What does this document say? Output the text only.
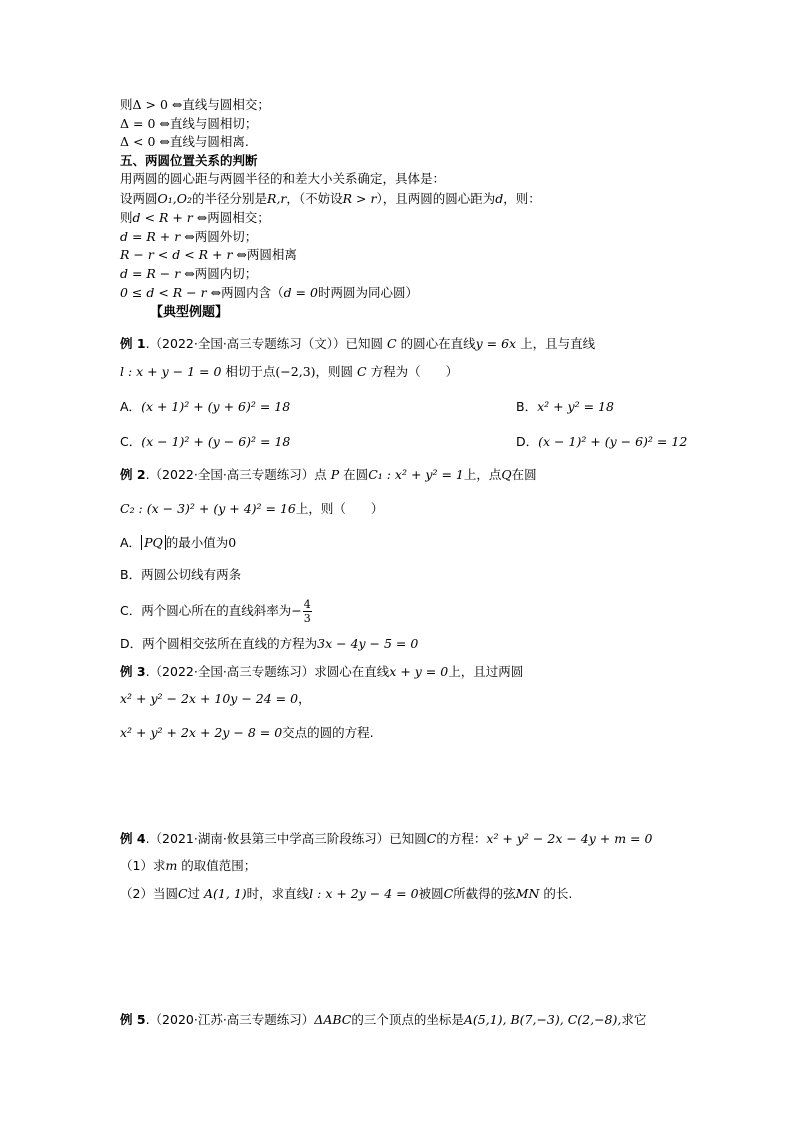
则Δ > 0 ⇔直线与圆相交；
Δ = 0 ⇔直线与圆相切；
Δ < 0 ⇔直线与圆相离.
五、两圆位置关系的判断
用两圆的圆心距与两圆半径的和差大小关系确定，具体是：
设两圆O₁,O₂的半径分别是R,r，（不妨设R > r），且两圆的圆心距为d，则：
则d < R + r ⇔两圆相交；
d = R + r ⇔两圆外切；
R − r < d < R + r ⇔两圆相离
d = R − r ⇔两圆内切；
0 ≤ d < R − r ⇔两圆内含（d = 0时两圆为同心圆）
【典型例题】
例 1.（2022·全国·高三专题练习（文））已知圆 C 的圆心在直线y = 6x 上，且与直线
l : x + y − 1 = 0 相切于点(−2,3)，则圆 C 方程为（　　）
A．(x + 1)² + (y + 6)² = 18	B．x² + y² = 18
C．(x − 1)² + (y − 6)² = 18	D．(x − 1)² + (y − 6)² = 12
例 2.（2022·全国·高三专题练习）点 P 在圆C₁ : x² + y² = 1上，点Q在圆
C₂ : (x − 3)² + (y + 4)² = 16上，则（　　）
A． PQ 的最小值为0
B．两圆公切线有两条
C．两个圆心所在的直线斜率为− $\frac{4}{3}$
D．两个圆相交弦所在直线的方程为3x − 4y − 5 = 0
例 3.（2022·全国·高三专题练习）求圆心在直线x + y = 0上，且过两圆
x² + y² − 2x + 10y − 24 = 0，
x² + y² + 2x + 2y − 8 = 0交点的圆的方程.
例 4.（2021·湖南·攸县第三中学高三阶段练习）已知圆C的方程：x² + y² − 2x − 4y + m = 0
（1）求m 的取值范围；
（2）当圆C过 A(1, 1)时，求直线l : x + 2y − 4 = 0被圆C所截得的弦MN 的长.
例 5.（2020·江苏·高三专题练习）ΔABC的三个顶点的坐标是A(5,1), B(7,−3), C(2,−8),求它
